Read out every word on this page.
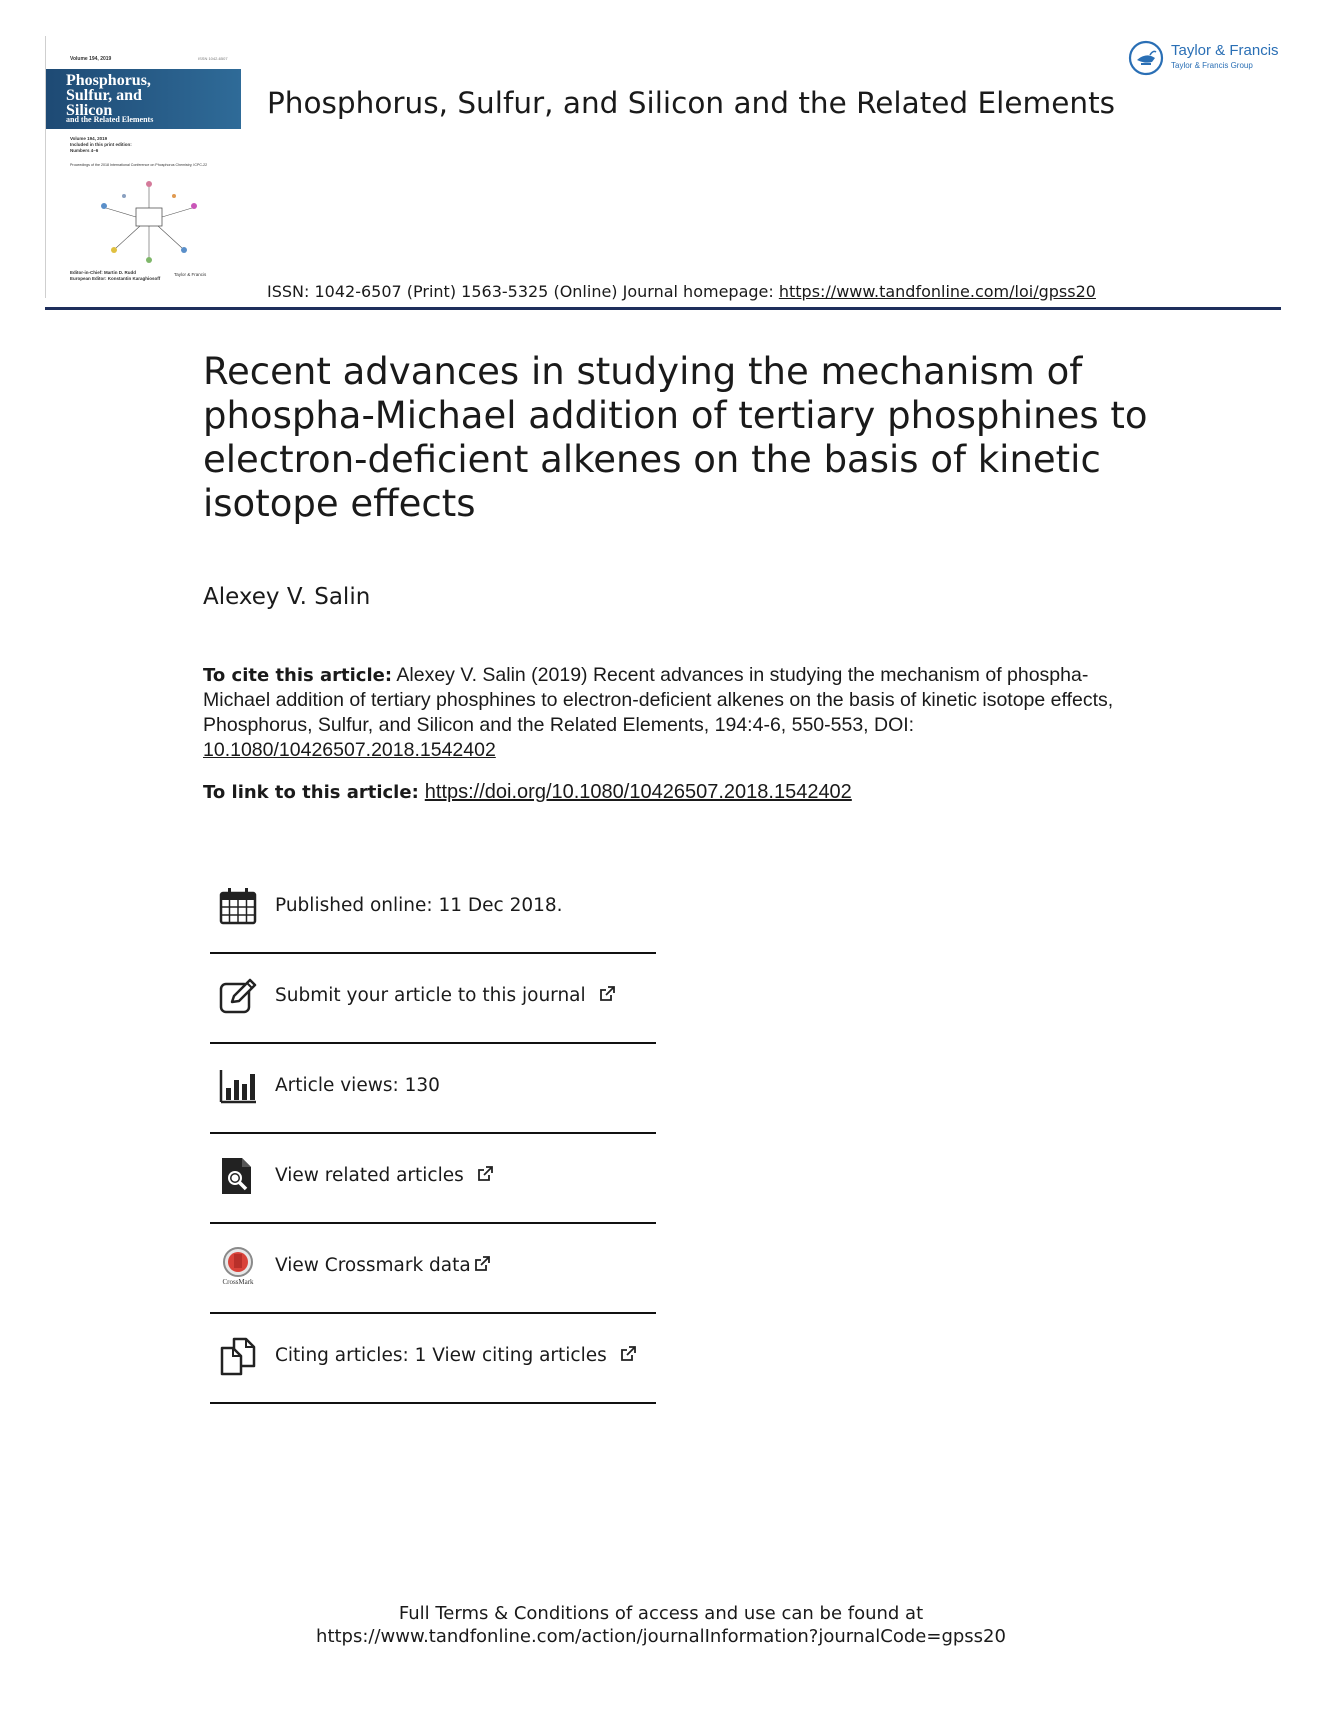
Volume 194, 2019	ISSN 1042-6507
Phosphorus,
Sulfur, and
Silicon
and the Related Elements
Volume 194, 2019
Included in this print edition:
Numbers 4–6
Proceedings of the 2018 International Conference on Phosphorus Chemistry, ICPC-22
Editor-in-Chief: Martin D. Rudd
European Editor: Konstantin Karaghiosoff
Taylor & Francis
Phosphorus, Sulfur, and Silicon and the Related Elements
ISSN: 1042-6507 (Print) 1563-5325 (Online) Journal homepage: https://www.tandfonline.com/loi/gpss20
Taylor & Francis
Taylor & Francis Group
Recent advances in studying the mechanism of phospha-Michael addition of tertiary phosphines to electron-deficient alkenes on the basis of kinetic isotope effects
Alexey V. Salin
To cite this article: Alexey V. Salin (2019) Recent advances in studying the mechanism of phospha-Michael addition of tertiary phosphines to electron-deficient alkenes on the basis of kinetic isotope effects, Phosphorus, Sulfur, and Silicon and the Related Elements, 194:4-6, 550-553, DOI: 10.1080/10426507.2018.1542402
To link to this article: https://doi.org/10.1080/10426507.2018.1542402
Published online: 11 Dec 2018.
Submit your article to this journal
Article views: 130
View related articles
CrossMark
View Crossmark data
Citing articles: 1 View citing articles
Full Terms & Conditions of access and use can be found at
https://www.tandfonline.com/action/journalInformation?journalCode=gpss20
